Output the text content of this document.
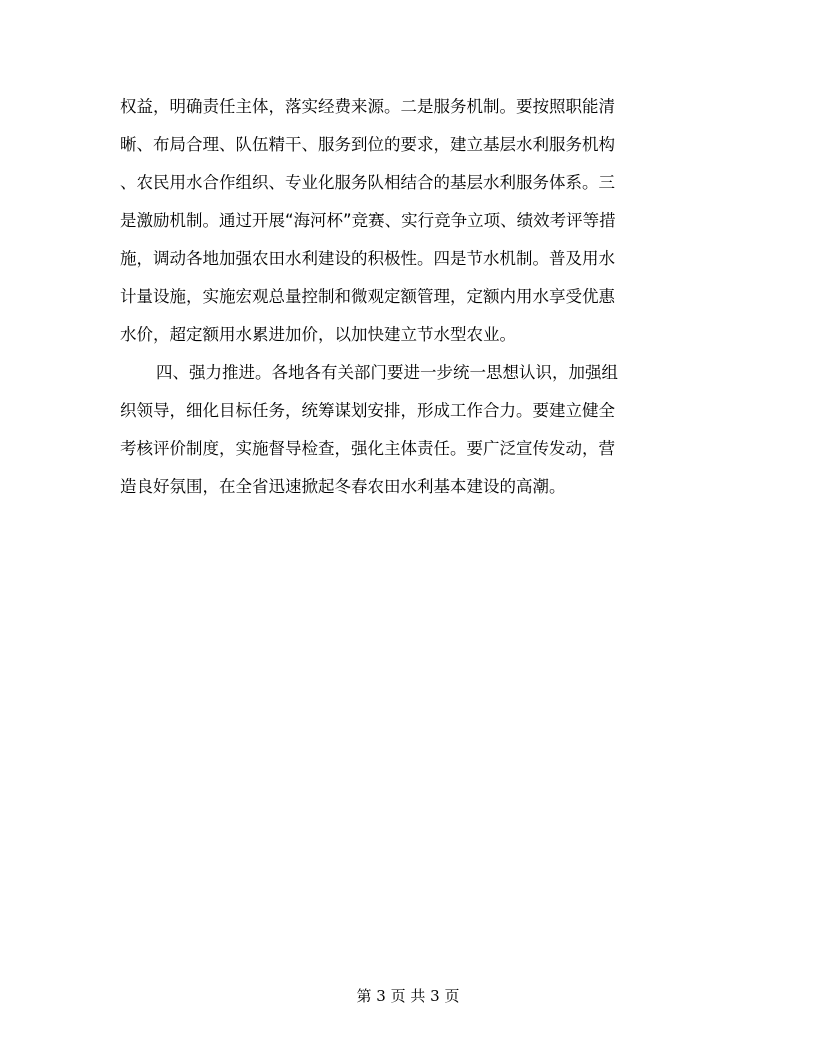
权益，明确责任主体，落实经费来源。二是服务机制。要按照职能清
晰、布局合理、队伍精干、服务到位的要求，建立基层水利服务机构
、农民用水合作组织、专业化服务队相结合的基层水利服务体系。三
是激励机制。通过开展“海河杯”竞赛、实行竞争立项、绩效考评等措
施，调动各地加强农田水利建设的积极性。四是节水机制。普及用水
计量设施，实施宏观总量控制和微观定额管理，定额内用水享受优惠
水价，超定额用水累进加价，以加快建立节水型农业。
四、强力推进。各地各有关部门要进一步统一思想认识，加强组
织领导，细化目标任务，统筹谋划安排，形成工作合力。要建立健全
考核评价制度，实施督导检查，强化主体责任。要广泛宣传发动，营
造良好氛围，在全省迅速掀起冬春农田水利基本建设的高潮。
第 3 页 共 3 页
